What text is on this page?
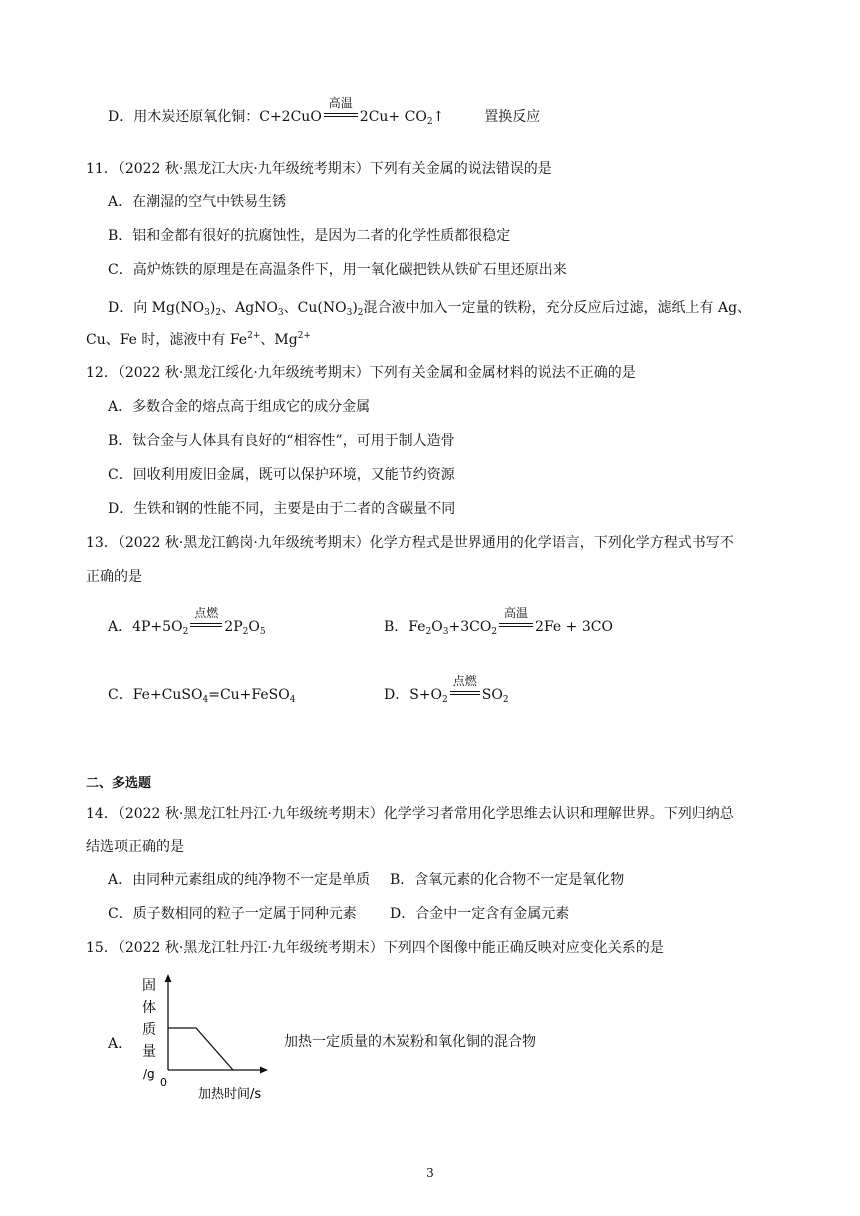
D．用木炭还原氧化铜：C+2CuO
高温
$2Cu+ CO_2↑$	置换反应
11．（2022 秋·黑龙江大庆·九年级统考期末）下列有关金属的说法错误的是
A．在潮湿的空气中铁易生锈
B．铝和金都有很好的抗腐蚀性，是因为二者的化学性质都很稳定
C．高炉炼铁的原理是在高温条件下，用一氧化碳把铁从铁矿石里还原出来
D．向 $Mg(NO_3)_2$、AgNO$_3$、$Cu(NO_3)_2$混合液中加入一定量的铁粉，充分反应后过滤，滤纸上有 Ag、
Cu、Fe 时，滤液中有 $Fe^{2+}$、$Mg^{2+}$
12．（2022 秋·黑龙江绥化·九年级统考期末）下列有关金属和金属材料的说法不正确的是
A．多数合金的熔点高于组成它的成分金属
B．钛合金与人体具有良好的“相容性”，可用于制人造骨
C．回收利用废旧金属，既可以保护环境，又能节约资源
D．生铁和钢的性能不同，主要是由于二者的含碳量不同
13．（2022 秋·黑龙江鹤岗·九年级统考期末）化学方程式是世界通用的化学语言，下列化学方程式书写不
正确的是
A．$4P+5O_2$
点燃
$2P_2O_5$	B．$Fe_2O_3+3CO_2$
高温
2Fe + 3CO
C．Fe+CuSO$_4$=Cu+FeSO$_4$	D．$S+O_2$
点燃
$SO_2$
二、多选题
14．（2022 秋·黑龙江牡丹江·九年级统考期末）化学学习者常用化学思维去认识和理解世界。下列归纳总
结选项正确的是
A．由同种元素组成的纯净物不一定是单质 B．含氧元素的化合物不一定是氧化物
C．质子数相同的粒子一定属于同种元素 D．合金中一定含有金属元素
15．（2022 秋·黑龙江牡丹江·九年级统考期末）下列四个图像中能正确反映对应变化关系的是
A．	加热一定质量的木炭粉和氧化铜的混合物
固
体
质
量
/g
0
加热时间/s
3
